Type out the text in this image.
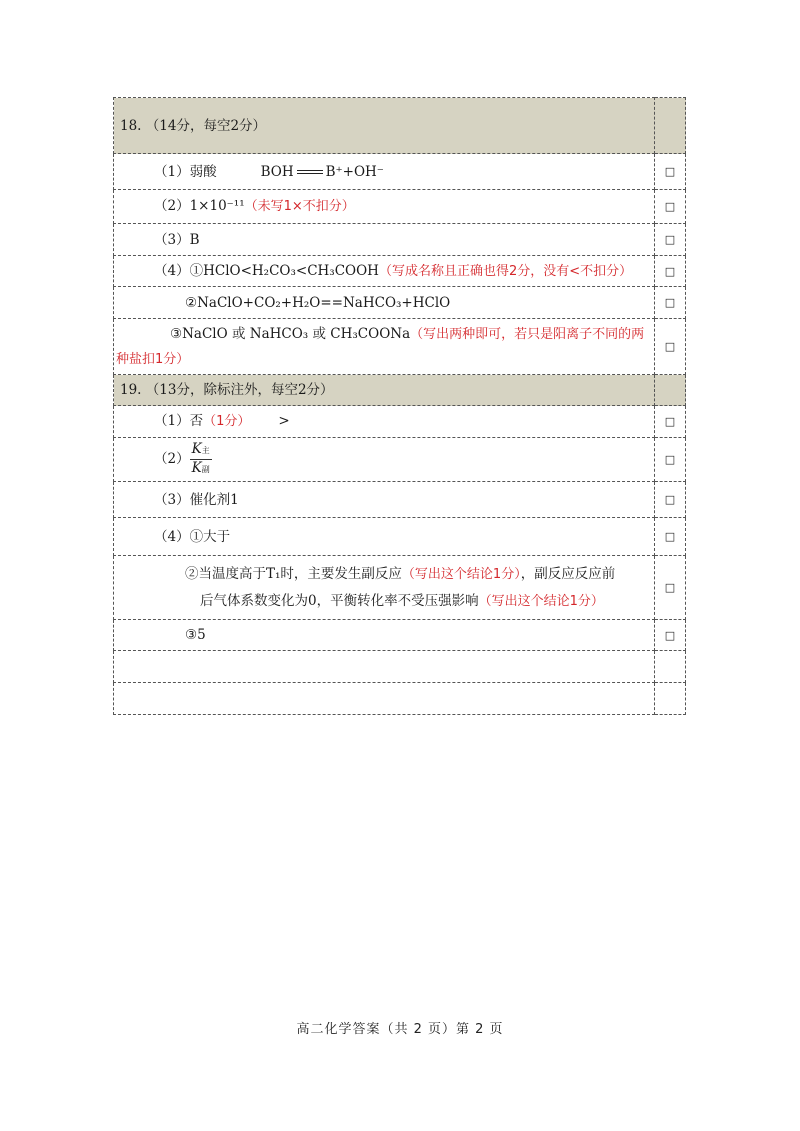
18. （14分，每空2分）	
（1）弱酸 BOH B⁺+OH⁻	□
（2）1×10⁻¹¹（未写1×不扣分）	□
（3）B	□
（4）①HClO<H₂CO₃<CH₃COOH（写成名称且正确也得2分，没有<不扣分）	□
②NaClO+CO₂+H₂O==NaHCO₃+HClO	□

③NaClO 或 NaHCO₃ 或 CH₃COONa（写出两种即可，若只是阳离子不同的两
种盐扣1分）	□
19. （13分，除标注外，每空2分）	
（1）否（1分） >	□
$(2) \frac{\text{K主}}{\text{K副}}$	□
（3）催化剂1	□
（4）①大于	□

②当温度高于T₁时，主要发生副反应（写出这个结论1分），副反应反应前
后气体系数变化为0，平衡转化率不受压强影响（写出这个结论1分）	□
③5	□

高二化学答案（共 2 页）第 2 页
